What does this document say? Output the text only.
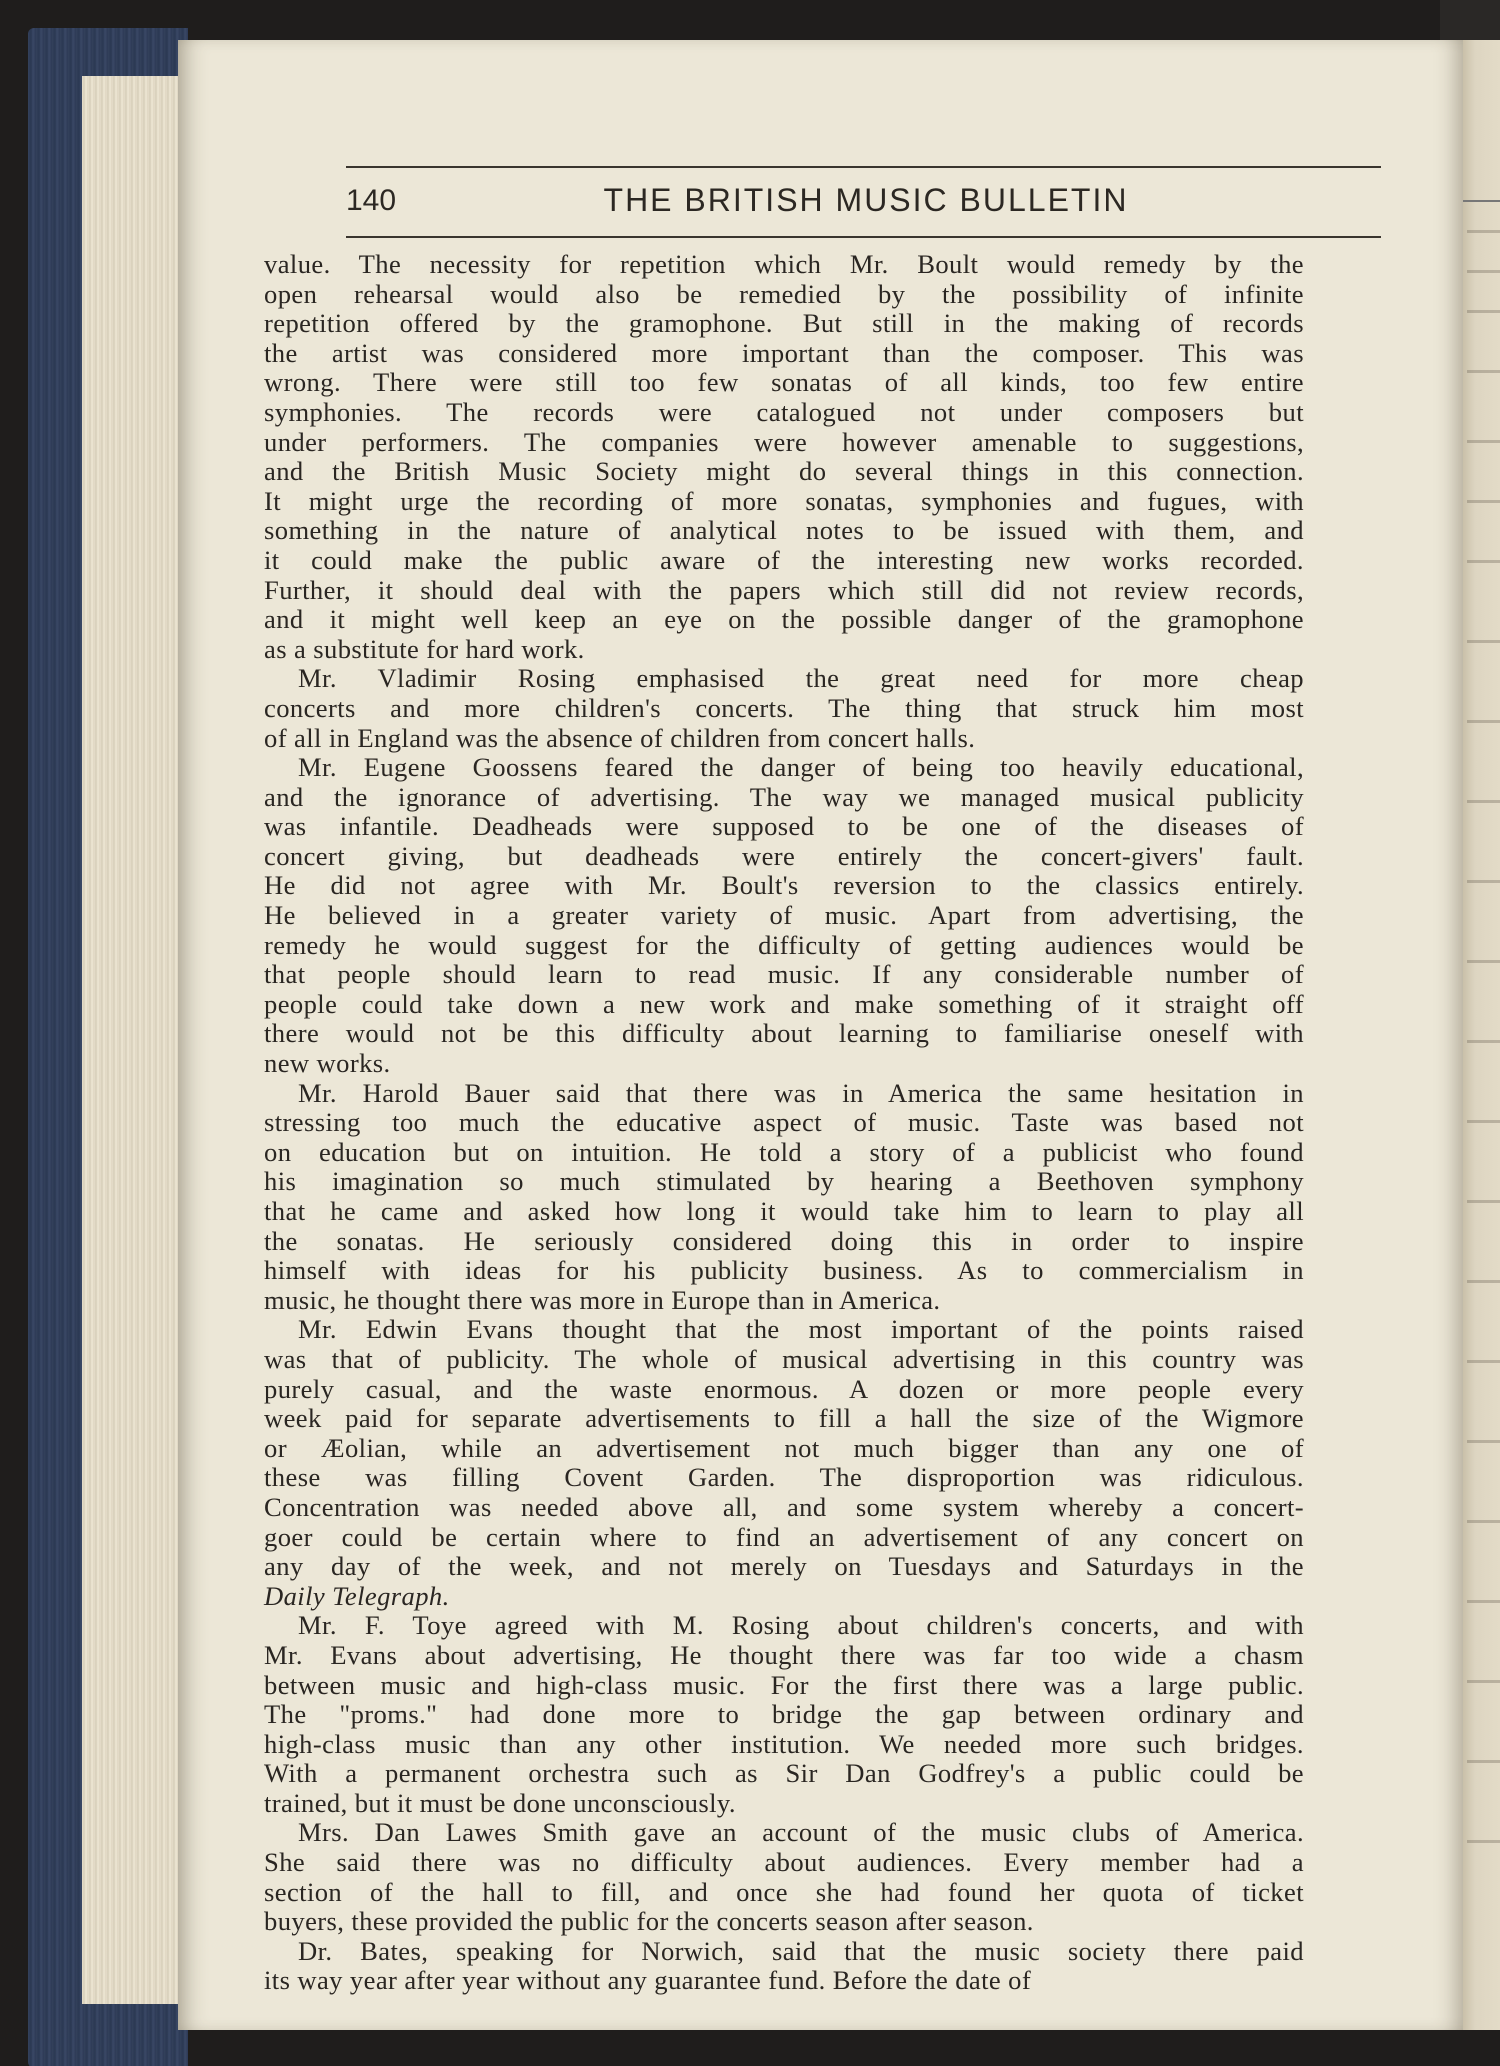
140	THE BRITISH MUSIC BULLETIN
value. The necessity for repetition which Mr. Boult would remedy by the
open rehearsal would also be remedied by the possibility of infinite
repetition offered by the gramophone. But still in the making of records
the artist was considered more important than the composer. This was
wrong. There were still too few sonatas of all kinds, too few entire
symphonies. The records were catalogued not under composers but
under performers. The companies were however amenable to suggestions,
and the British Music Society might do several things in this connection.
It might urge the recording of more sonatas, symphonies and fugues, with
something in the nature of analytical notes to be issued with them, and
it could make the public aware of the interesting new works recorded.
Further, it should deal with the papers which still did not review records,
and it might well keep an eye on the possible danger of the gramophone
as a substitute for hard work.
Mr. Vladimir Rosing emphasised the great need for more cheap
concerts and more children's concerts. The thing that struck him most
of all in England was the absence of children from concert halls.
Mr. Eugene Goossens feared the danger of being too heavily educational,
and the ignorance of advertising. The way we managed musical publicity
was infantile. Deadheads were supposed to be one of the diseases of
concert giving, but deadheads were entirely the concert-givers' fault.
He did not agree with Mr. Boult's reversion to the classics entirely.
He believed in a greater variety of music. Apart from advertising, the
remedy he would suggest for the difficulty of getting audiences would be
that people should learn to read music. If any considerable number of
people could take down a new work and make something of it straight off
there would not be this difficulty about learning to familiarise oneself with
new works.
Mr. Harold Bauer said that there was in America the same hesitation in
stressing too much the educative aspect of music. Taste was based not
on education but on intuition. He told a story of a publicist who found
his imagination so much stimulated by hearing a Beethoven symphony
that he came and asked how long it would take him to learn to play all
the sonatas. He seriously considered doing this in order to inspire
himself with ideas for his publicity business. As to commercialism in
music, he thought there was more in Europe than in America.
Mr. Edwin Evans thought that the most important of the points raised
was that of publicity. The whole of musical advertising in this country was
purely casual, and the waste enormous. A dozen or more people every
week paid for separate advertisements to fill a hall the size of the Wigmore
or Æolian, while an advertisement not much bigger than any one of
these was filling Covent Garden. The disproportion was ridiculous.
Concentration was needed above all, and some system whereby a concert-
goer could be certain where to find an advertisement of any concert on
any day of the week, and not merely on Tuesdays and Saturdays in the
Daily Telegraph.
Mr. F. Toye agreed with M. Rosing about children's concerts, and with
Mr. Evans about advertising, He thought there was far too wide a chasm
between music and high-class music. For the first there was a large public.
The "proms." had done more to bridge the gap between ordinary and
high-class music than any other institution. We needed more such bridges.
With a permanent orchestra such as Sir Dan Godfrey's a public could be
trained, but it must be done unconsciously.
Mrs. Dan Lawes Smith gave an account of the music clubs of America.
She said there was no difficulty about audiences. Every member had a
section of the hall to fill, and once she had found her quota of ticket
buyers, these provided the public for the concerts season after season.
Dr. Bates, speaking for Norwich, said that the music society there paid
its way year after year without any guarantee fund. Before the date of
